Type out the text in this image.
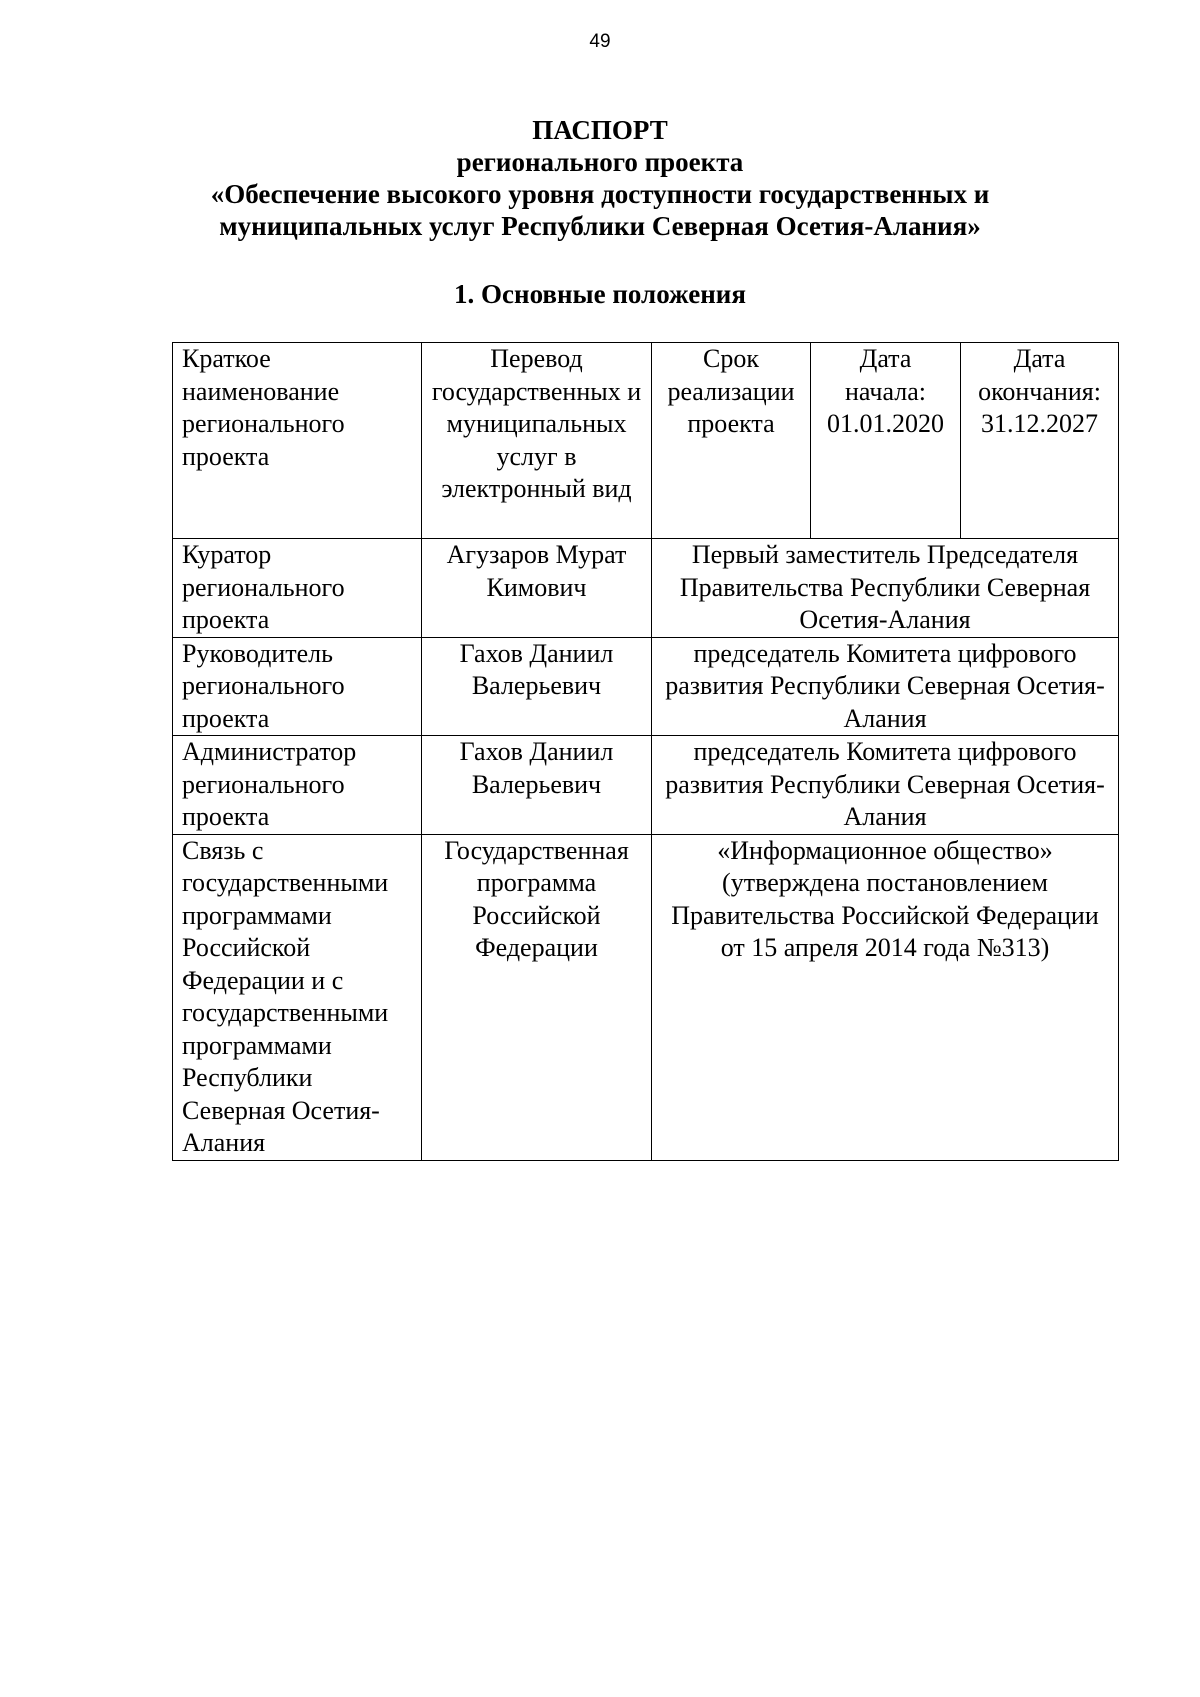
49
ПАСПОРТ
регионального проекта
«Обеспечение высокого уровня доступности государственных и
муниципальных услуг Республики Северная Осетия-Алания»
1. Основные положения
Краткое наименование регионального проекта	Перевод государственных и муниципальных услуг в электронный вид	Срок реализации проекта	Дата начала: 01.01.2020	Дата окончания: 31.12.2027
Куратор регионального проекта	Агузаров Мурат Кимович	Первый заместитель Председателя Правительства Республики Северная Осетия-Алания		
Руководитель регионального проекта	Гахов Даниил Валерьевич	председатель Комитета цифрового развития Республики Северная Осетия-Алания		
Администратор регионального проекта	Гахов Даниил Валерьевич	председатель Комитета цифрового развития Республики Северная Осетия-Алания		
Связь с государственными программами Российской Федерации и с государственными программами Республики Северная Осетия-Алания	Государственная программа Российской Федерации	«Информационное общество» (утверждена постановлением Правительства Российской Федерации от 15 апреля 2014 года №313)		
